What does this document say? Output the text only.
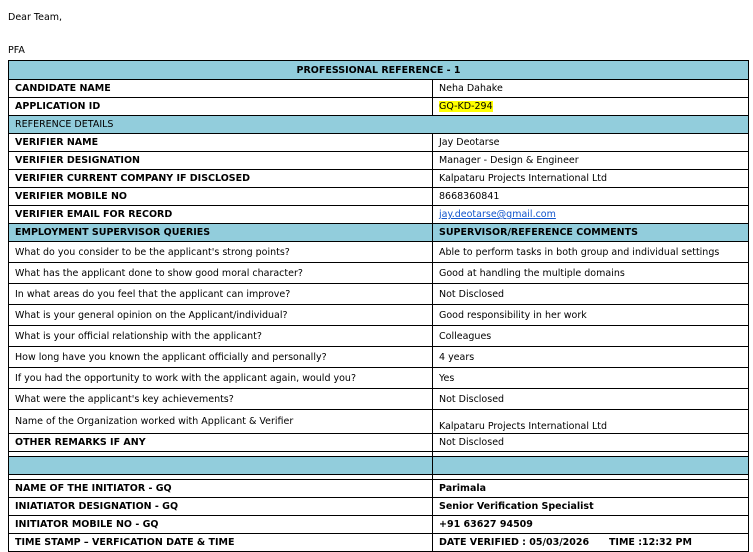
Dear Team,
PFA
PROFESSIONAL REFERENCE - 1	
CANDIDATE NAME	Neha Dahake
APPLICATION ID	GQ-KD-294
REFERENCE DETAILS	
VERIFIER NAME	Jay Deotarse
VERIFIER DESIGNATION	Manager - Design & Engineer
VERIFIER CURRENT COMPANY IF DISCLOSED	Kalpataru Projects International Ltd
VERIFIER MOBILE NO	8668360841
VERIFIER EMAIL FOR RECORD	jay.deotarse@gmail.com
EMPLOYMENT SUPERVISOR QUERIES	SUPERVISOR/REFERENCE COMMENTS
What do you consider to be the applicant's strong points?	Able to perform tasks in both group and individual settings
What has the applicant done to show good moral character?	Good at handling the multiple domains
In what areas do you feel that the applicant can improve?	Not Disclosed
What is your general opinion on the Applicant/individual?	Good responsibility in her work
What is your official relationship with the applicant?	Colleagues
How long have you known the applicant officially and personally?	4 years
If you had the opportunity to work with the applicant again, would you?	Yes
What were the applicant's key achievements?	Not Disclosed
Name of the Organization worked with Applicant & Verifier	Kalpataru Projects International Ltd
OTHER REMARKS IF ANY	Not Disclosed

NAME OF THE INITIATOR - GQ	Parimala
INIATIATOR DESIGNATION - GQ	Senior Verification Specialist
INITIATOR MOBILE NO - GQ	+91 63627 94509
TIME STAMP – VERFICATION DATE & TIME	DATE VERIFIED : 05/03/2026      TIME :12:32 PM
